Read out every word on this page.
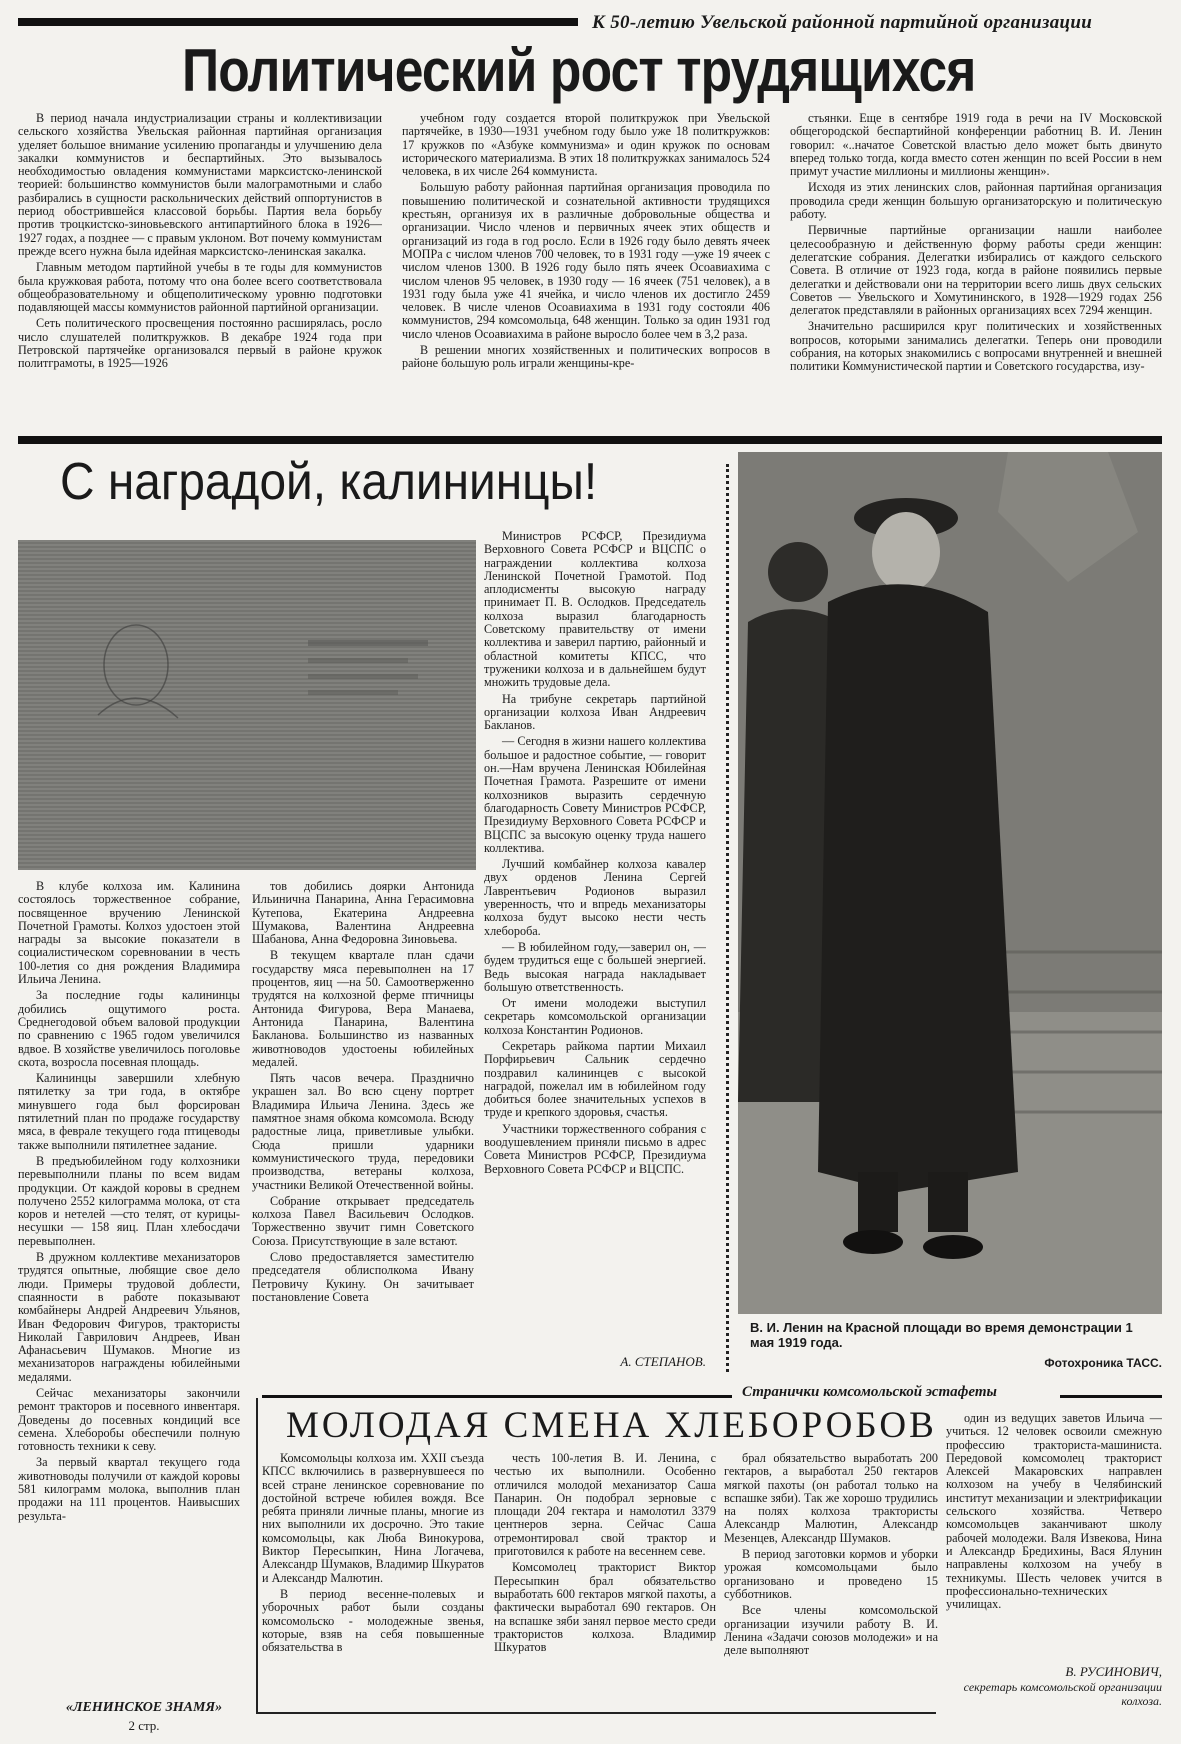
К 50-летию Увельской районной партийной организации
Политический рост трудящихся

В период начала индустриализации страны и коллективизации сельского хозяйства Увельская районная партийная организация уделяет большое внимание усилению пропаганды и улучшению дела закалки коммунистов и беспартийных. Это вызывалось необходимостью овладения коммунистами марксистско-ленинской теорией: большинство коммунистов были малограмотными и слабо разбирались в сущности раскольнических действий оппортунистов в период обострившейся классовой борьбы. Партия вела борьбу против троцкистско-зиновьевского антипартийного блока в 1926—1927 годах, а позднее — с правым уклоном. Вот почему коммунистам прежде всего нужна была идейная марксистско-ленинская закалка.

Главным методом партийной учебы в те годы для коммунистов была кружковая работа, потому что она более всего соответствовала общеобразовательному и общеполитическому уровню подготовки подавляющей массы коммунистов районной партийной организации.

Сеть политического просвещения постоянно расширялась, росло число слушателей политкружков. В декабре 1924 года при Петровской партячейке организовался первый в районе кружок политграмоты, в 1925—1926

учебном году создается второй политкружок при Увельской партячейке, в 1930—1931 учебном году было уже 18 политкружков: 17 кружков по «Азбуке коммунизма» и один кружок по основам исторического материализма. В этих 18 политкружках занималось 524 человека, в их числе 264 коммуниста.

Большую работу районная партийная организация проводила по повышению политической и сознательной активности трудящихся крестьян, организуя их в различные добровольные общества и организации. Число членов и первичных ячеек этих обществ и организаций из года в год росло. Если в 1926 году было девять ячеек МОПРа с числом членов 700 человек, то в 1931 году —уже 19 ячеек с числом членов 1300. В 1926 году было пять ячеек Осоавиахима с числом членов 95 человек, в 1930 году — 16 ячеек (751 человек), а в 1931 году была уже 41 ячейка, и число членов их достигло 2459 человек. В числе членов Осоавиахима в 1931 году состояли 406 коммунистов, 294 комсомольца, 648 женщин. Только за один 1931 год число членов Осоавиахима в районе выросло более чем в 3,2 раза.

В решении многих хозяйственных и политических вопросов в районе большую роль играли женщины-кре-

стьянки. Еще в сентябре 1919 года в речи на IV Московской общегородской беспартийной конференции работниц В. И. Ленин говорил: «..начатое Советской властью дело может быть двинуто вперед только тогда, когда вместо сотен женщин по всей России в нем примут участие миллионы и миллионы женщин».

Исходя из этих ленинских слов, районная партийная организация проводила среди женщин большую организаторскую и политическую работу.

Первичные партийные организации нашли наиболее целесообразную и действенную форму работы среди женщин: делегатские собрания. Делегатки избирались от каждого сельского Совета. В отличие от 1923 года, когда в районе появились первые делегатки и действовали они на территории всего лишь двух сельских Советов — Увельского и Хомутининского, в 1928—1929 годах 256 делегаток представляли в районных организациях всех 7294 женщин.

Значительно расширился круг политических и хозяйственных вопросов, которыми занимались делегатки. Теперь они проводили собрания, на которых знакомились с вопросами внутренней и внешней политики Коммунистической партии и Советского государства, изу-

С наградой, калининцы!

В клубе колхоза им. Калинина состоялось торжественное собрание, посвященное вручению Ленинской Почетной Грамоты. Колхоз удостоен этой награды за высокие показатели в социалистическом соревновании в честь 100-летия со дня рождения Владимира Ильича Ленина.

За последние годы калининцы добились ощутимого роста. Среднегодовой объем валовой продукции по сравнению с 1965 годом увеличился вдвое. В хозяйстве увеличилось поголовье скота, возросла посевная площадь.

Калининцы завершили хлебную пятилетку за три года, в октябре минувшего года был форсирован пятилетний план по продаже государству мяса, в феврале текущего года птицеводы также выполнили пятилетнее задание.

В предъюбилейном году колхозники перевыполнили планы по всем видам продукции. От каждой коровы в среднем получено 2552 килограмма молока, от ста коров и нетелей —сто телят, от курицы-несушки — 158 яиц. План хлебосдачи перевыполнен.

В дружном коллективе механизаторов трудятся опытные, любящие свое дело люди. Примеры трудовой доблести, спаянности в работе показывают комбайнеры Андрей Андреевич Ульянов, Иван Федорович Фигуров, трактористы Николай Гаврилович Андреев, Иван Афанасьевич Шумаков. Многие из механизаторов награждены юбилейными медалями.

Сейчас механизаторы закончили ремонт тракторов и посевного инвентаря. Доведены до посевных кондиций все семена. Хлеборобы обеспечили полную готовность техники к севу.

За первый квартал текущего года животноводы получили от каждой коровы 581 килограмм молока, выполнив план продажи на 111 процентов. Наивысших результа-

тов добились доярки Антонида Ильинична Панарина, Анна Герасимовна Кутепова, Екатерина Андреевна Шумакова, Валентина Андреевна Шабанова, Анна Федоровна Зиновьева.

В текущем квартале план сдачи государству мяса перевыполнен на 17 процентов, яиц —на 50. Самоотверженно трудятся на колхозной ферме птичницы Антонида Фигурова, Вера Манаева, Антонида Панарина, Валентина Бакланова. Большинство из названных животноводов удостоены юбилейных медалей.

Пять часов вечера. Празднично украшен зал. Во всю сцену портрет Владимира Ильича Ленина. Здесь же памятное знамя обкома комсомола. Всюду радостные лица, приветливые улыбки. Сюда пришли ударники коммунистического труда, передовики производства, ветераны колхоза, участники Великой Отечественной войны.

Собрание открывает председатель колхоза Павел Васильевич Ослодков. Торжественно звучит гимн Советского Союза. Присутствующие в зале встают.

Слово предоставляется заместителю председателя облисполкома Ивану Петровичу Кукину. Он зачитывает постановление Совета

Министров РСФСР, Президиума Верховного Совета РСФСР и ВЦСПС о награждении коллектива колхоза Ленинской Почетной Грамотой. Под аплодисменты высокую награду принимает П. В. Ослодков. Председатель колхоза выразил благодарность Советскому правительству от имени коллектива и заверил партию, районный и областной комитеты КПСС, что труженики колхоза и в дальнейшем будут множить трудовые дела.

На трибуне секретарь партийной организации колхоза Иван Андреевич Бакланов.

— Сегодня в жизни нашего коллектива большое и радостное событие, — говорит он.—Нам вручена Ленинская Юбилейная Почетная Грамота. Разрешите от имени колхозников выразить сердечную благодарность Совету Министров РСФСР, Президиуму Верховного Совета РСФСР и ВЦСПС за высокую оценку труда нашего коллектива.

Лучший комбайнер колхоза кавалер двух орденов Ленина Сергей Лаврентьевич Родионов выразил уверенность, что и впредь механизаторы колхоза будут высоко нести честь хлебороба.

— В юбилейном году,—заверил он, — будем трудиться еще с большей энергией. Ведь высокая награда накладывает большую ответственность.

От имени молодежи выступил секретарь комсомольской организации колхоза Константин Родионов.

Секретарь райкома партии Михаил Порфирьевич Сальник сердечно поздравил калининцев с высокой наградой, пожелал им в юбилейном году добиться более значительных успехов в труде и крепкого здоровья, счастья.

Участники торжественного собрания с воодушевлением приняли письмо в адрес Совета Министров РСФСР, Президиума Верховного Совета РСФСР и ВЦСПС.

А. СТЕПАНОВ.
В. И. Ленин на Красной площади во время демонстрации 1 мая 1919 года.
Фотохроника ТАСС.
Странички комсомольской эстафеты
МОЛОДАЯ СМЕНА ХЛЕБОРОБОВ

Комсомольцы колхоза им. XXII съезда КПСС включились в развернувшееся по всей стране ленинское соревнование по достойной встрече юбилея вождя. Все ребята приняли личные планы, многие из них выполнили их досрочно. Это такие комсомольцы, как Люба Винокурова, Виктор Пересыпкин, Нина Логачева, Александр Шумаков, Владимир Шкуратов и Александр Малютин.

В период весенне-полевых и уборочных работ были созданы комсомольско - молодежные звенья, которые, взяв на себя повышенные обязательства в

честь 100-летия В. И. Ленина, с честью их выполнили. Особенно отличился молодой механизатор Саша Панарин. Он подобрал зерновые с площади 204 гектара и намолотил 3379 центнеров зерна. Сейчас Саша отремонтировал свой трактор и приготовился к работе на весеннем севе.

Комсомолец тракторист Виктор Пересыпкин брал обязательство выработать 600 гектаров мягкой пахоты, а фактически выработал 690 гектаров. Он на вспашке зяби занял первое место среди трактористов колхоза. Владимир Шкуратов

брал обязательство выработать 200 гектаров, а выработал 250 гектаров мягкой пахоты (он работал только на вспашке зяби). Так же хорошо трудились на полях колхоза трактористы Александр Малютин, Александр Мезенцев, Александр Шумаков.

В период заготовки кормов и уборки урожая комсомольцами было организовано и проведено 15 субботников.

Все члены комсомольской организации изучили работу В. И. Ленина «Задачи союзов молодежи» и на деле выполняют

один из ведущих заветов Ильича — учиться. 12 человек освоили смежную профессию тракториста-машиниста. Передовой комсомолец тракторист Алексей Макаровских направлен колхозом на учебу в Челябинский институт механизации и электрификации сельского хозяйства. Четверо комсомольцев заканчивают школу рабочей молодежи. Валя Извекова, Нина и Александр Бредихины, Вася Ялунин направлены колхозом на учебу в техникумы. Шесть человек учится в профессионально-технических училищах.

В. РУСИНОВИЧ,
секретарь комсомольской организации колхоза.
«ЛЕНИНСКОЕ ЗНАМЯ»
2 стр.
